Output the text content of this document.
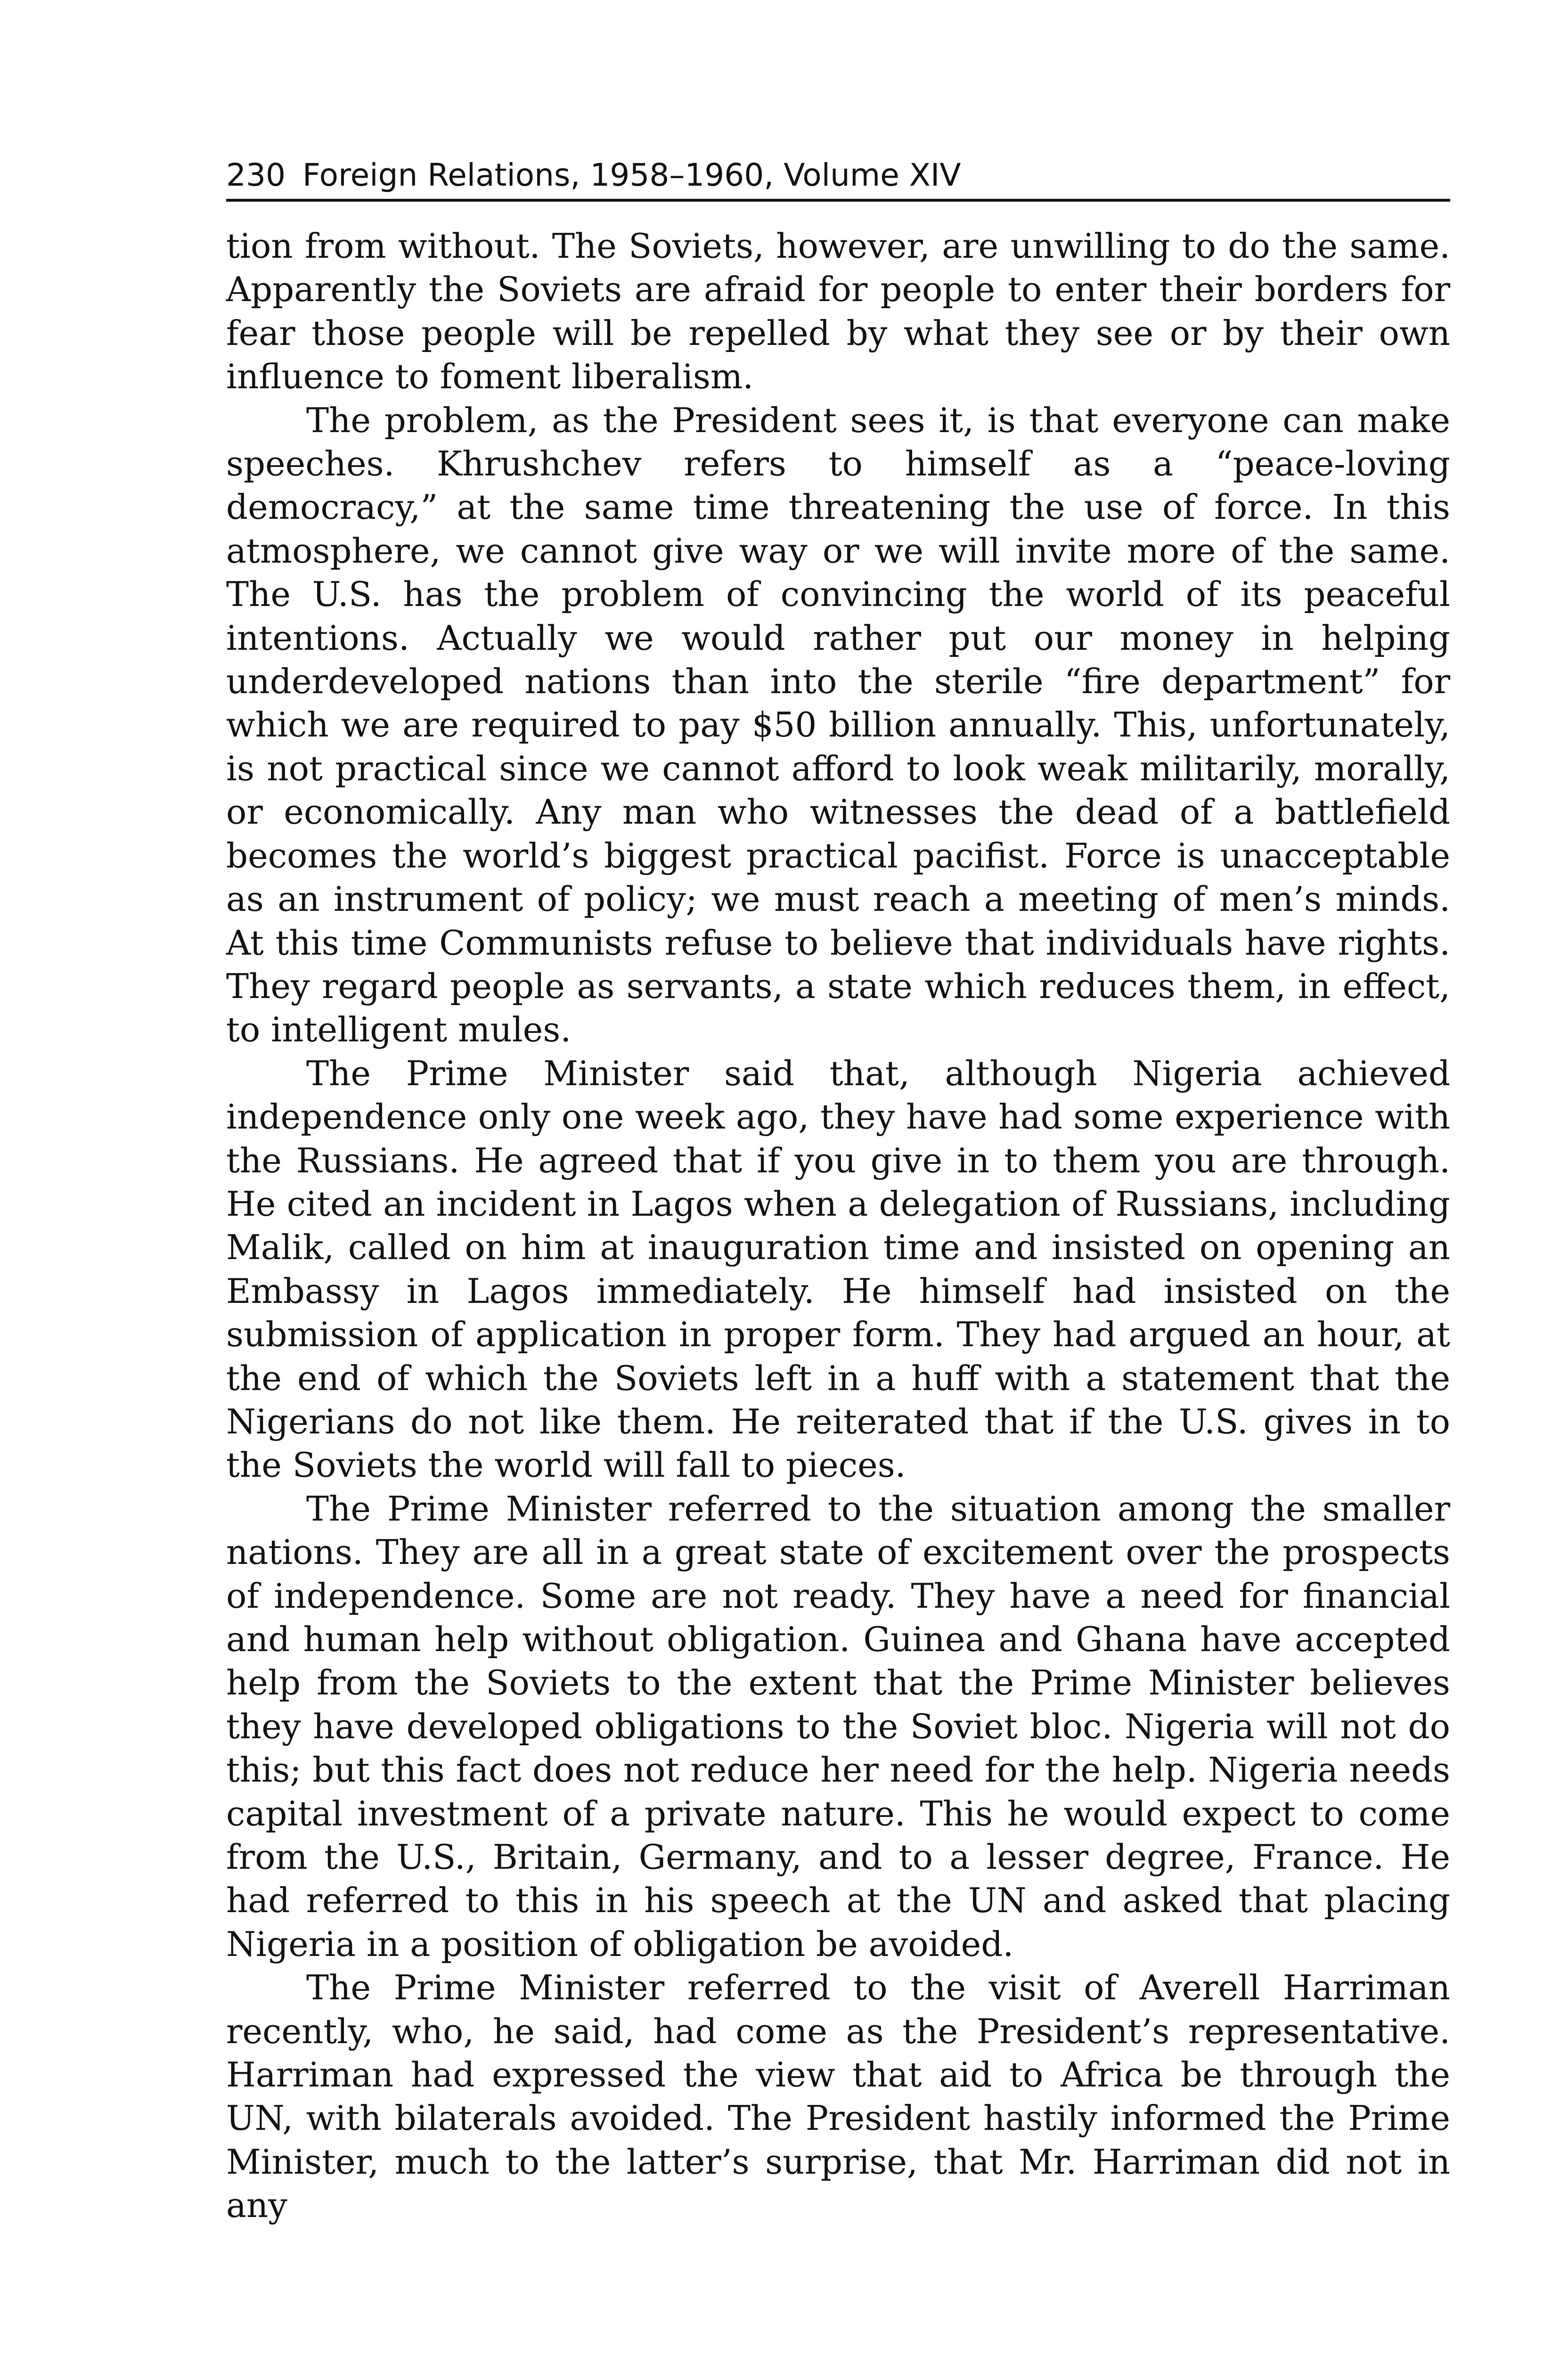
230 Foreign Relations, 1958–1960, Volume XIV

tion from without. The Soviets, however, are unwilling to do the same. Apparently the Soviets are afraid for people to enter their borders for fear those people will be repelled by what they see or by their own influence to foment liberalism.

The problem, as the President sees it, is that everyone can make speeches. Khrushchev refers to himself as a “peace-loving democracy,” at the same time threatening the use of force. In this atmosphere, we cannot give way or we will invite more of the same. The U.S. has the problem of convincing the world of its peaceful intentions. Actually we would rather put our money in helping underdeveloped nations than into the sterile “fire department” for which we are required to pay $50 billion annually. This, unfortunately, is not practical since we cannot afford to look weak militarily, morally, or economically. Any man who witnesses the dead of a battlefield becomes the world’s biggest practical pacifist. Force is unacceptable as an instrument of policy; we must reach a meeting of men’s minds. At this time Communists refuse to believe that individuals have rights. They regard people as servants, a state which reduces them, in effect, to intelligent mules.

The Prime Minister said that, although Nigeria achieved independence only one week ago, they have had some experience with the Russians. He agreed that if you give in to them you are through. He cited an incident in Lagos when a delegation of Russians, including Malik, called on him at inauguration time and insisted on opening an Embassy in Lagos immediately. He himself had insisted on the submission of application in proper form. They had argued an hour, at the end of which the Soviets left in a huff with a statement that the Nigerians do not like them. He reiterated that if the U.S. gives in to the Soviets the world will fall to pieces.

The Prime Minister referred to the situation among the smaller nations. They are all in a great state of excitement over the prospects of independence. Some are not ready. They have a need for financial and human help without obligation. Guinea and Ghana have accepted help from the Soviets to the extent that the Prime Minister believes they have developed obligations to the Soviet bloc. Nigeria will not do this; but this fact does not reduce her need for the help. Nigeria needs capital investment of a private nature. This he would expect to come from the U.S., Britain, Germany, and to a lesser degree, France. He had referred to this in his speech at the UN and asked that placing Nigeria in a position of obligation be avoided.

The Prime Minister referred to the visit of Averell Harriman recently, who, he said, had come as the President’s representative. Harriman had expressed the view that aid to Africa be through the UN, with bilaterals avoided. The President hastily informed the Prime Minister, much to the latter’s surprise, that Mr. Harriman did not in any
